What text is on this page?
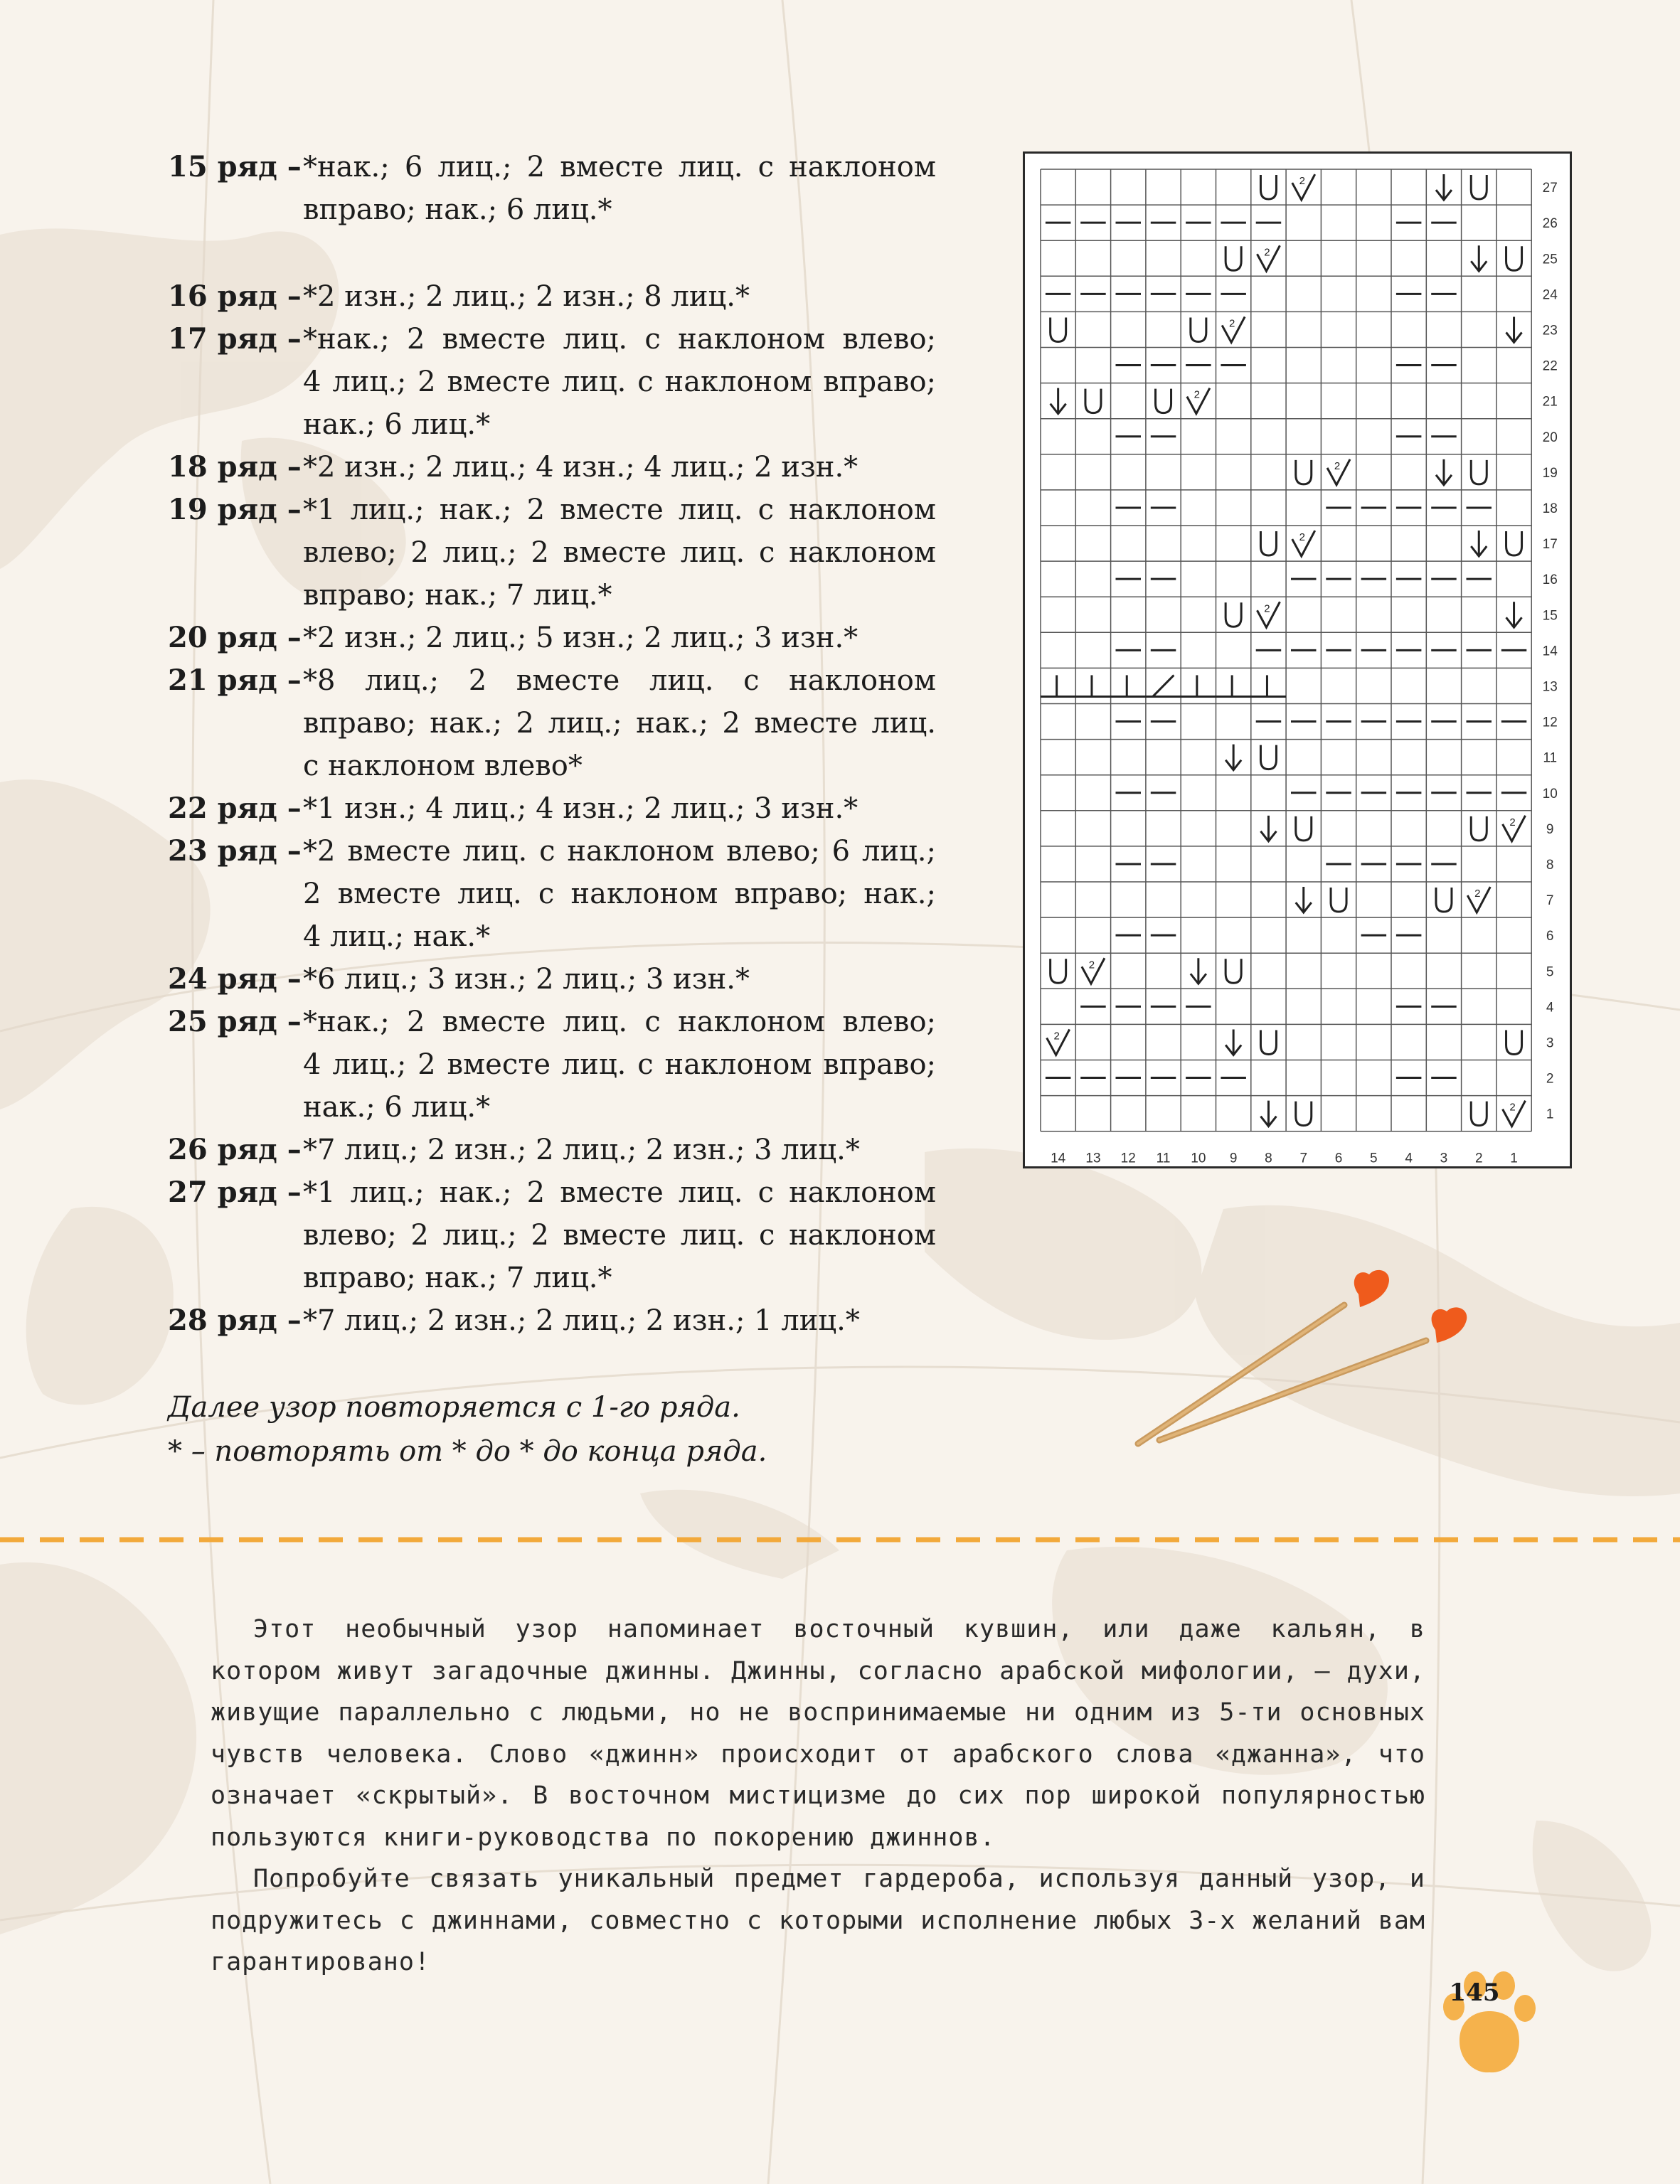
15 ряд – *нак.; 6 лиц.; 2 вместе лиц. с наклоном
вправо; нак.; 6 лиц.*
16 ряд – *2 изн.; 2 лиц.; 2 изн.; 8 лиц.*
17 ряд – *нак.; 2 вместе лиц. с наклоном влево;
4 лиц.; 2 вместе лиц. с наклоном вправо;
нак.; 6 лиц.*
18 ряд – *2 изн.; 2 лиц.; 4 изн.; 4 лиц.; 2 изн.*
19 ряд – *1 лиц.; нак.; 2 вместе лиц. с наклоном
влево; 2 лиц.; 2 вместе лиц. с наклоном
вправо; нак.; 7 лиц.*
20 ряд – *2 изн.; 2 лиц.; 5 изн.; 2 лиц.; 3 изн.*
21 ряд – *8 лиц.; 2 вместе лиц. с наклоном
вправо; нак.; 2 лиц.; нак.; 2 вместе лиц.
с наклоном влево*
22 ряд – *1 изн.; 4 лиц.; 4 изн.; 2 лиц.; 3 изн.*
23 ряд – *2 вместе лиц. с наклоном влево; 6 лиц.;
2 вместе лиц. с наклоном вправо; нак.;
4 лиц.; нак.*
24 ряд – *6 лиц.; 3 изн.; 2 лиц.; 3 изн.*
25 ряд – *нак.; 2 вместе лиц. с наклоном влево;
4 лиц.; 2 вместе лиц. с наклоном вправо;
нак.; 6 лиц.*
26 ряд – *7 лиц.; 2 изн.; 2 лиц.; 2 изн.; 3 лиц.*
27 ряд – *1 лиц.; нак.; 2 вместе лиц. с наклоном
влево; 2 лиц.; 2 вместе лиц. с наклоном
вправо; нак.; 7 лиц.*
28 ряд – *7 лиц.; 2 изн.; 2 лиц.; 2 изн.; 1 лиц.*
Далее узор повторяется с 1-го ряда.
* – повторять от * до * до конца ряда.
2
2
2
2
2
2
2
2
2
2
2
2
14 13 12 11 10 9 8 7 6 5 4 3 2 1
27
26
25
24
23
22
21
20
19
18
17
16
15
14
13
12
11
10
9
8
7
6
5
4
3
2
1

Этот необычный узор напоминает восточный кувшин, или даже кальян, в котором живут загадочные джинны. Джинны, согласно арабской мифологии, – духи, живущие параллельно с людьми, но не воспринимаемые ни одним из 5-ти основных чувств человека. Слово «джинн» происходит от арабского слова «джанна», что означает «скрытый». В восточном мистицизме до сих пор широкой популярностью пользуются книги-руководства по покорению джиннов.

Попробуйте связать уникальный предмет гардероба, используя данный узор, и подружитесь с джиннами, совместно с которыми исполнение любых 3-х желаний вам гарантировано!

145
